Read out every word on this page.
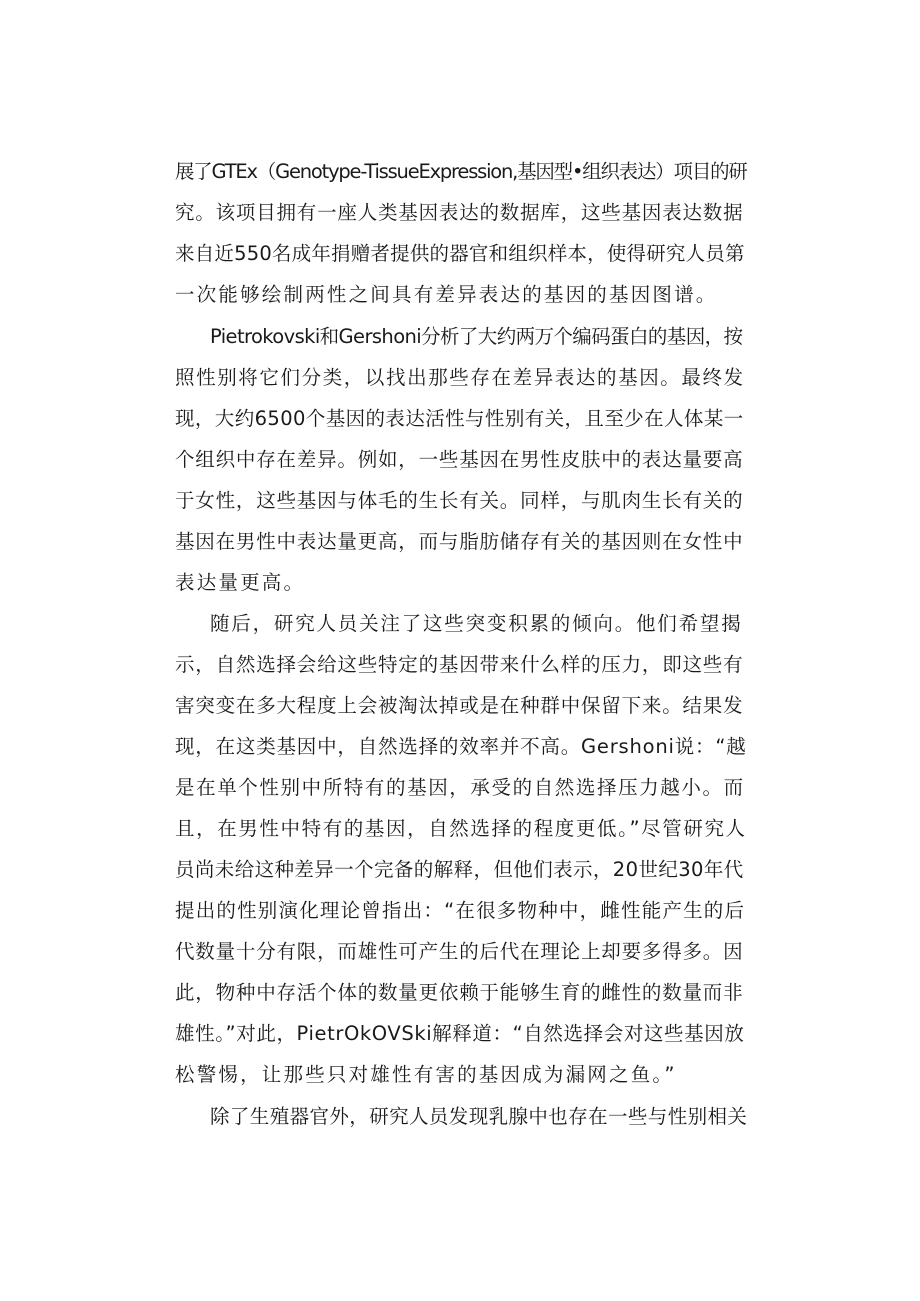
展了GTEx（Genotype-TissueExpression,基因型•组织表达）项目的研
究。该项目拥有一座人类基因表达的数据库，这些基因表达数据
来自近550名成年捐赠者提供的器官和组织样本，使得研究人员第
一次能够绘制两性之间具有差异表达的基因的基因图谱。
Pietrokovski和Gershoni分析了大约两万个编码蛋白的基因，按
照性别将它们分类，以找出那些存在差异表达的基因。最终发
现，大约6500个基因的表达活性与性别有关，且至少在人体某一
个组织中存在差异。例如，一些基因在男性皮肤中的表达量要高
于女性，这些基因与体毛的生长有关。同样，与肌肉生长有关的
基因在男性中表达量更高，而与脂肪储存有关的基因则在女性中
表达量更高。
随后，研究人员关注了这些突变积累的倾向。他们希望揭
示，自然选择会给这些特定的基因带来什么样的压力，即这些有
害突变在多大程度上会被淘汰掉或是在种群中保留下来。结果发
现，在这类基因中，自然选择的效率并不高。Gershoni说：“越
是在单个性别中所特有的基因，承受的自然选择压力越小。而
且，在男性中特有的基因，自然选择的程度更低。”尽管研究人
员尚未给这种差异一个完备的解释，但他们表示，20世纪30年代
提出的性别演化理论曾指出：“在很多物种中，雌性能产生的后
代数量十分有限，而雄性可产生的后代在理论上却要多得多。因
此，物种中存活个体的数量更依赖于能够生育的雌性的数量而非
雄性。”对此，PietrOkOVSki解释道：“自然选择会对这些基因放
松警惕，让那些只对雄性有害的基因成为漏网之鱼。”
除了生殖器官外，研究人员发现乳腺中也存在一些与性别相关
